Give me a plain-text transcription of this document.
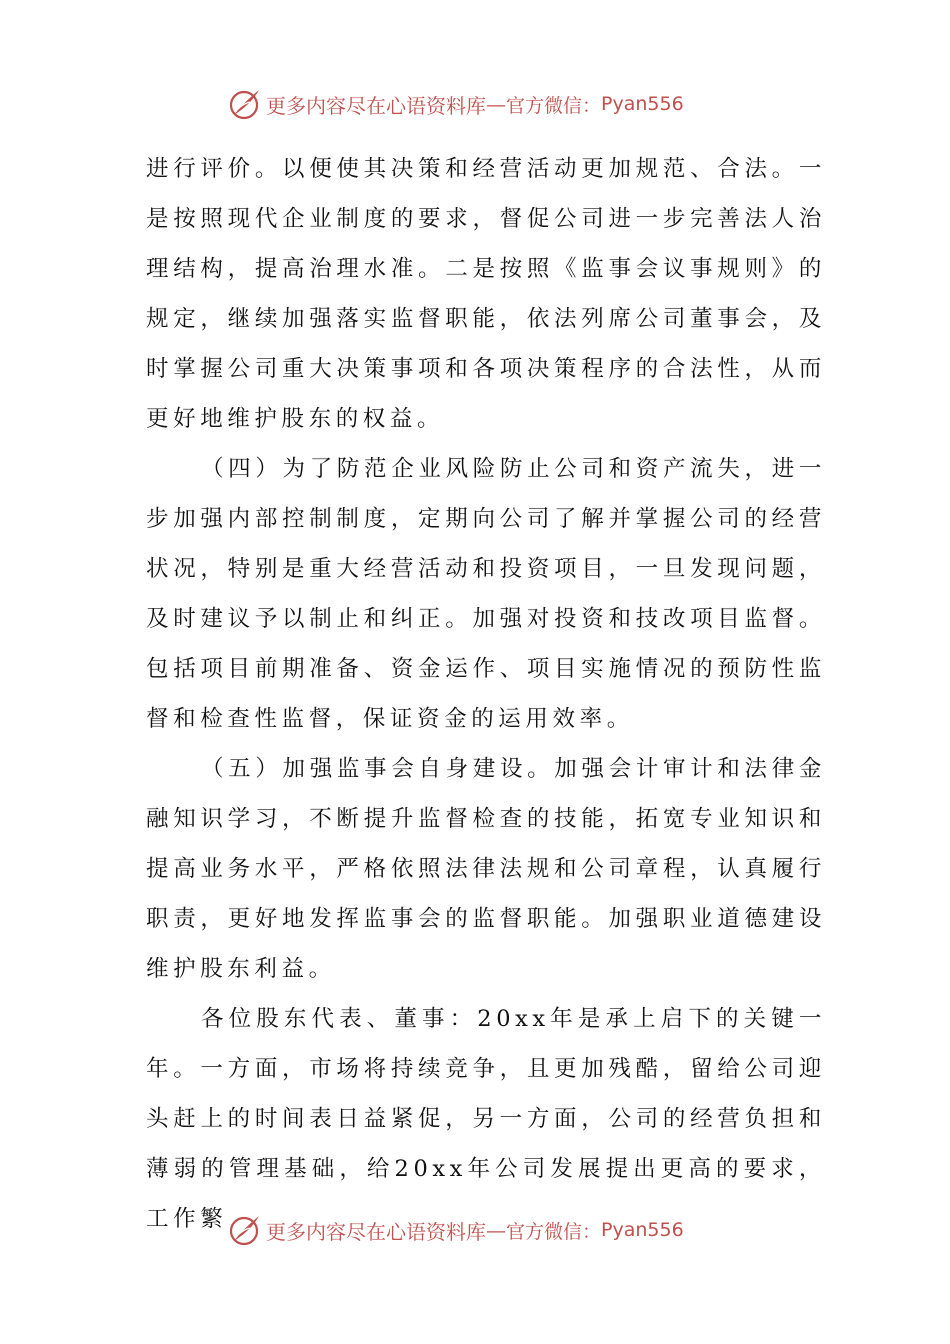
更多内容尽在心语资料库 — 官方微信： Pyan556

进行评价。以便使其决策和经营活动更加规范、合法。一是按照现代企业制度的要求，督促公司进一步完善法人治理结构，提高治理水准。二是按照《监事会议事规则》的规定，继续加强落实监督职能，依法列席公司董事会，及时掌握公司重大决策事项和各项决策程序的合法性，从而更好地维护股东的权益。

（四）为了防范企业风险防止公司和资产流失，进一步加强内部控制制度，定期向公司了解并掌握公司的经营状况，特别是重大经营活动和投资项目，一旦发现问题，及时建议予以制止和纠正。加强对投资和技改项目监督。包括项目前期准备、资金运作、项目实施情况的预防性监督和检查性监督，保证资金的运用效率。

（五）加强监事会自身建设。加强会计审计和法律金融知识学习，不断提升监督检查的技能，拓宽专业知识和提高业务水平，严格依照法律法规和公司章程，认真履行职责，更好地发挥监事会的监督职能。加强职业道德建设维护股东利益。

各位股东代表、董事：20xx年是承上启下的关键一年。一方面，市场将持续竞争，且更加残酷，留给公司迎头赶上的时间表日益紧促，另一方面，公司的经营负担和薄弱的管理基础，给20xx年公司发展提出更高的要求，工作繁	更多内容尽在心语资料库 — 官方微信： Pyan556
